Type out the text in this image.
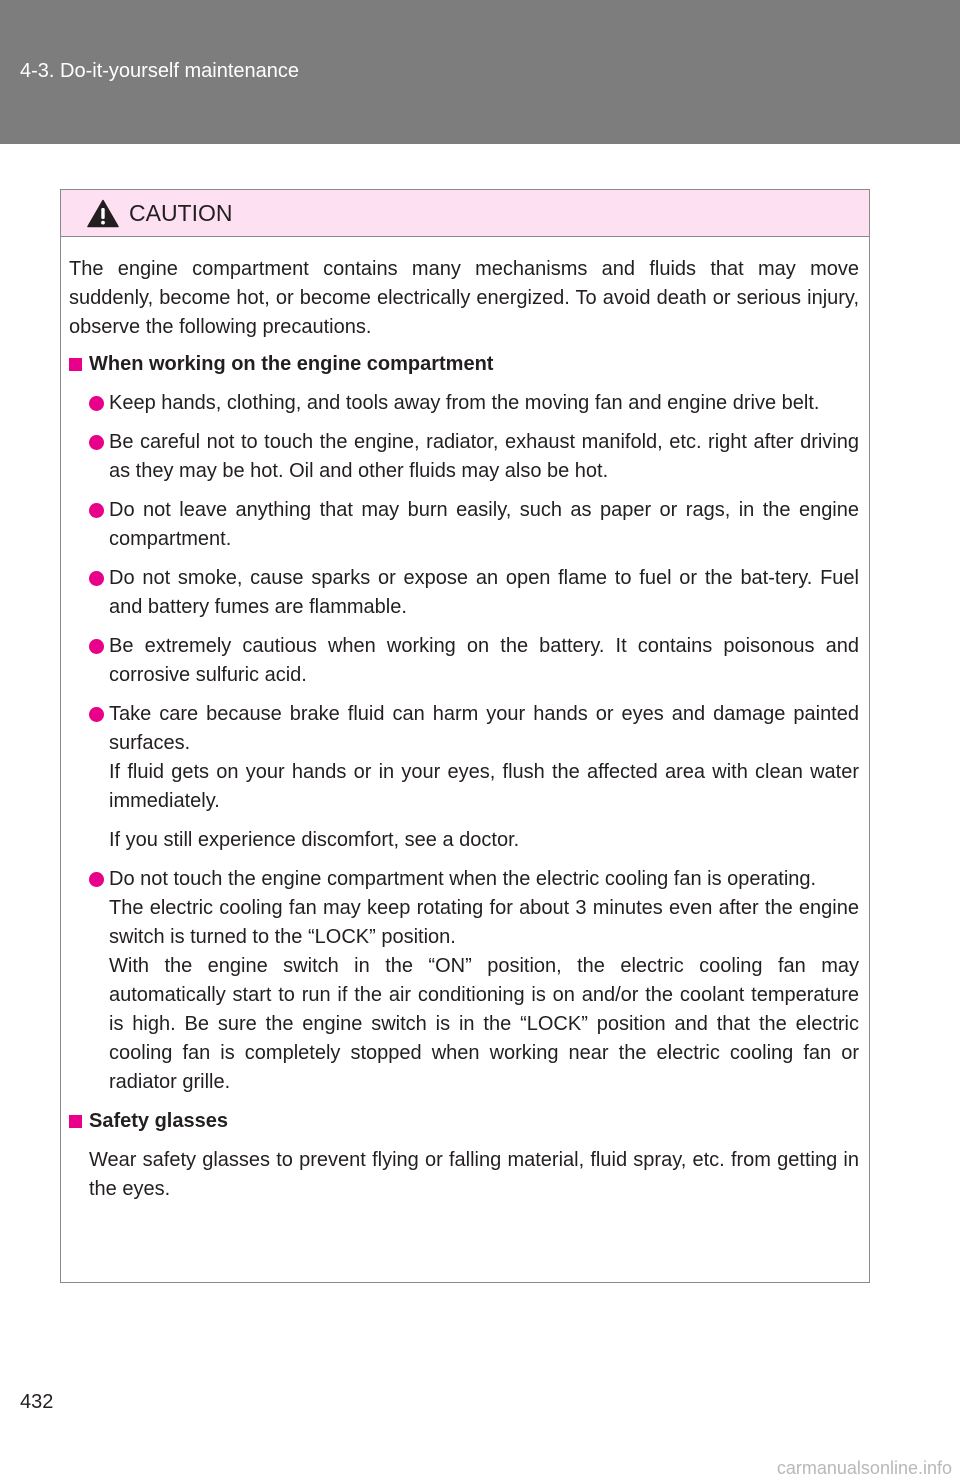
4-3. Do-it-yourself maintenance
CAUTION

The engine compartment contains many mechanisms and fluids that may move suddenly, become hot, or become electrically energized. To avoid death or serious injury, observe the following precautions.

When working on the engine compartment

Keep hands, clothing, and tools away from the moving fan and engine drive belt.

Be careful not to touch the engine, radiator, exhaust manifold, etc. right after driving as they may be hot. Oil and other fluids may also be hot.

Do not leave anything that may burn easily, such as paper or rags, in the engine compartment.

Do not smoke, cause sparks or expose an open flame to fuel or the bat-tery. Fuel and battery fumes are flammable.

Be extremely cautious when working on the battery. It contains poisonous and corrosive sulfuric acid.

Take care because brake fluid can harm your hands or eyes and damage painted surfaces.

If fluid gets on your hands or in your eyes, flush the affected area with clean water immediately.

If you still experience discomfort, see a doctor.

Do not touch the engine compartment when the electric cooling fan is operating.

The electric cooling fan may keep rotating for about 3 minutes even after the engine switch is turned to the “LOCK” position.

With the engine switch in the “ON” position, the electric cooling fan may automatically start to run if the air conditioning is on and/or the coolant temperature is high. Be sure the engine switch is in the “LOCK” position and that the electric cooling fan is completely stopped when working near the electric cooling fan or radiator grille.

Safety glasses

Wear safety glasses to prevent flying or falling material, fluid spray, etc. from getting in the eyes.

432
carmanualsonline.info
